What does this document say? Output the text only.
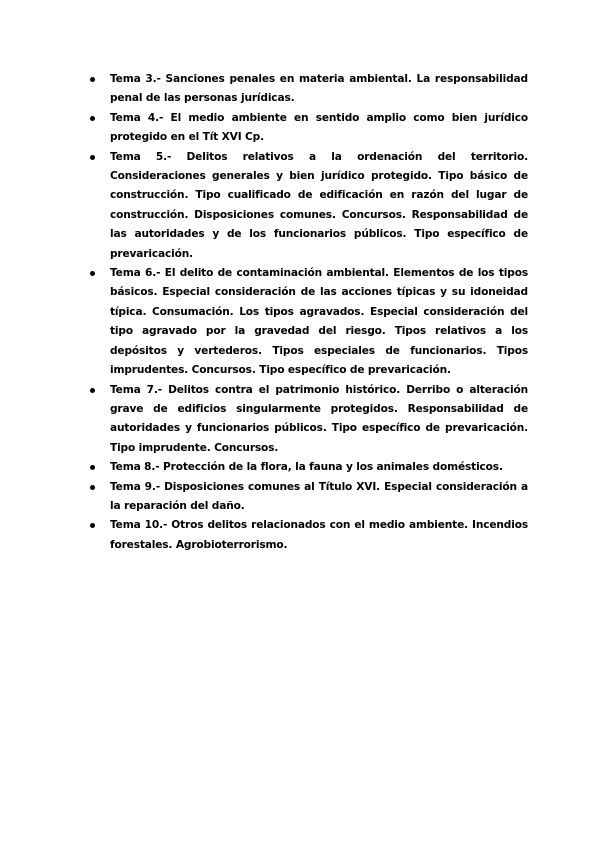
Tema 3.- Sanciones penales en materia ambiental. La responsabilidad penal de las personas jurídicas.
Tema 4.- El medio ambiente en sentido amplio como bien jurídico protegido en el Tít XVI Cp.
Tema 5.- Delitos relativos a la ordenación del territorio. Consideraciones generales y bien jurídico protegido. Tipo básico de construcción. Tipo cualificado de edificación en razón del lugar de construcción. Disposiciones comunes. Concursos. Responsabilidad de las autoridades y de los funcionarios públicos. Tipo específico de prevaricación.
Tema 6.- El delito de contaminación ambiental. Elementos de los tipos básicos. Especial consideración de las acciones típicas y su idoneidad típica. Consumación. Los tipos agravados. Especial consideración del tipo agravado por la gravedad del riesgo. Tipos relativos a los depósitos y vertederos. Tipos especiales de funcionarios. Tipos imprudentes. Concursos. Tipo específico de prevaricación.
Tema 7.- Delitos contra el patrimonio histórico. Derribo o alteración grave de edificios singularmente protegidos. Responsabilidad de autoridades y funcionarios públicos. Tipo específico de prevaricación. Tipo imprudente. Concursos.
Tema 8.- Protección de la flora, la fauna y los animales domésticos.
Tema 9.- Disposiciones comunes al Título XVI. Especial consideración a la reparación del daño.
Tema 10.- Otros delitos relacionados con el medio ambiente. Incendios forestales. Agrobioterrorismo.
